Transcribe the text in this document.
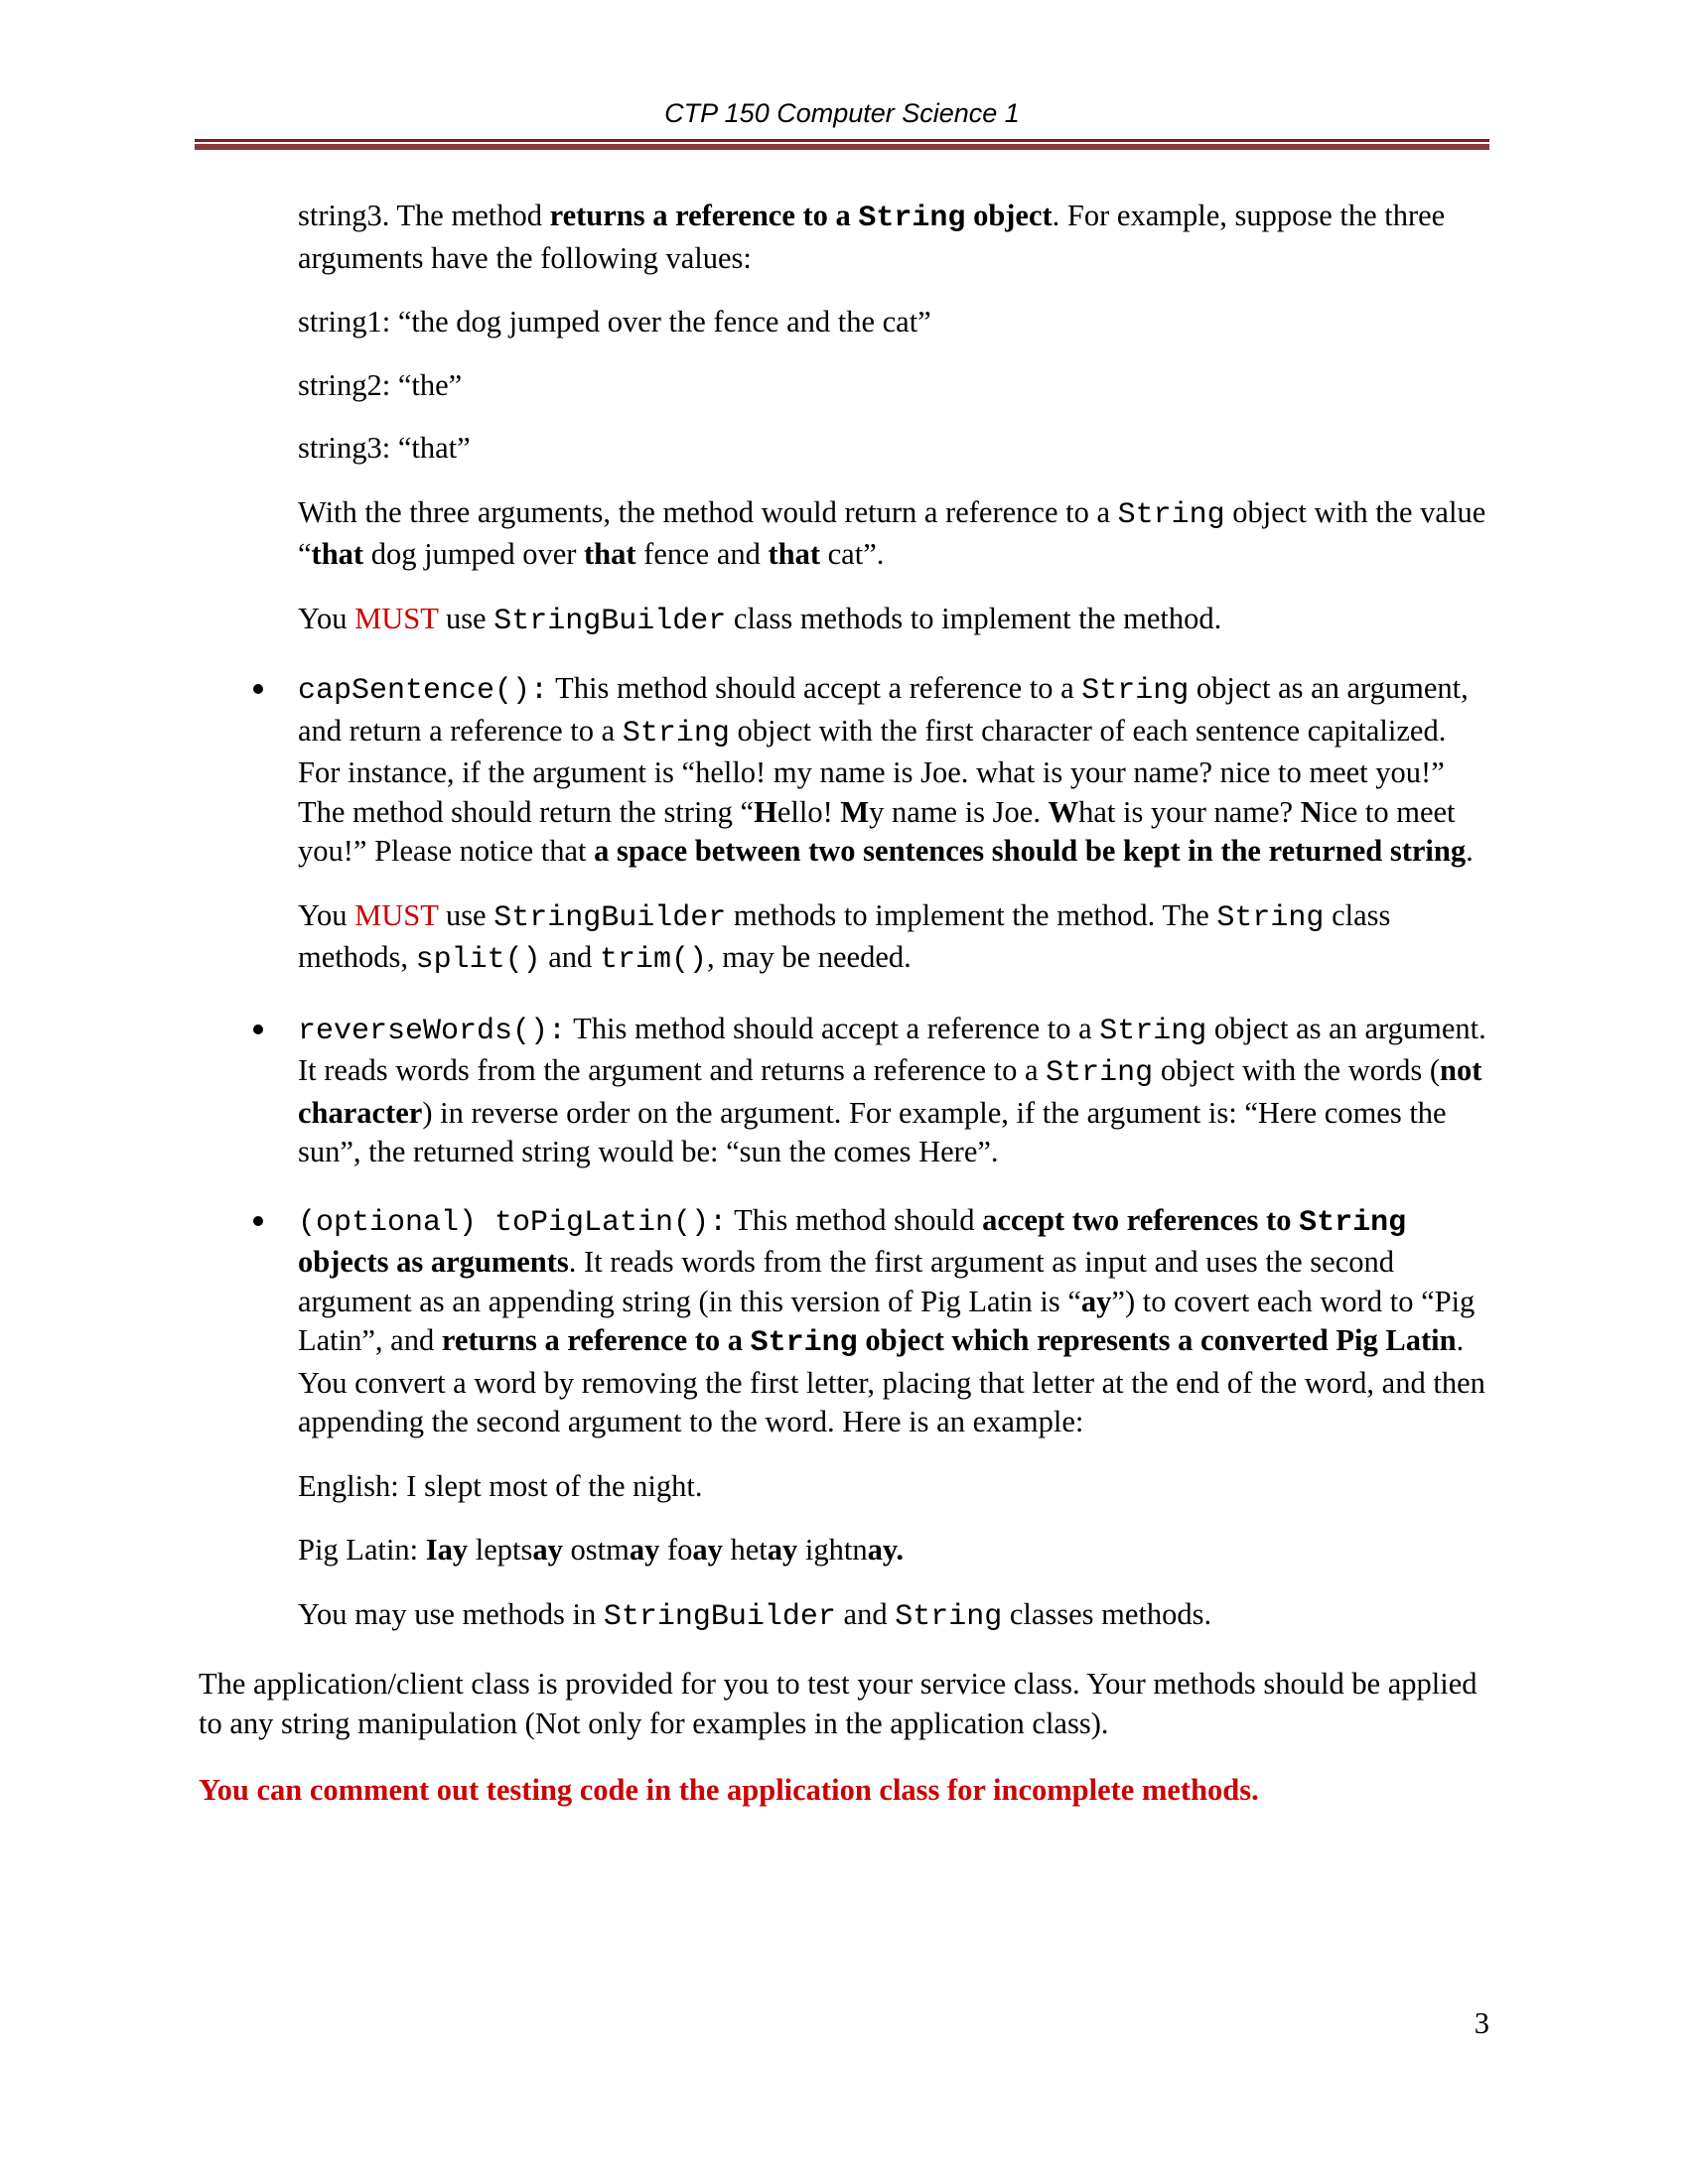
CTP 150 Computer Science 1

string3. The method returns a reference to a String object. For example, suppose the three arguments have the following values:

string1: “the dog jumped over the fence and the cat”

string2: “the”

string3: “that”

With the three arguments, the method would return a reference to a String object with the value “that dog jumped over that fence and that cat”.

You MUST use StringBuilder class methods to implement the method.

capSentence(): This method should accept a reference to a String object as an argument, and return a reference to a String object with the first character of each sentence capitalized. For instance, if the argument is “hello! my name is Joe. what is your name? nice to meet you!” The method should return the string “Hello! My name is Joe. What is your name? Nice to meet you!” Please notice that a space between two sentences should be kept in the returned string.

You MUST use StringBuilder methods to implement the method. The String class methods, split() and trim(), may be needed.

reverseWords(): This method should accept a reference to a String object as an argument. It reads words from the argument and returns a reference to a String object with the words (not character) in reverse order on the argument. For example, if the argument is: “Here comes the sun”, the returned string would be: “sun the comes Here”.

(optional) toPigLatin(): This method should accept two references to String objects as arguments. It reads words from the first argument as input and uses the second argument as an appending string (in this version of Pig Latin is “ay”) to covert each word to “Pig Latin”, and returns a reference to a String object which represents a converted Pig Latin. You convert a word by removing the first letter, placing that letter at the end of the word, and then appending the second argument to the word. Here is an example:

English: I slept most of the night.

Pig Latin: Iay leptsay ostmay foay hetay ightnay.

You may use methods in StringBuilder and String classes methods.

The application/client class is provided for you to test your service class. Your methods should be applied to any string manipulation (Not only for examples in the application class).

You can comment out testing code in the application class for incomplete methods.

3
